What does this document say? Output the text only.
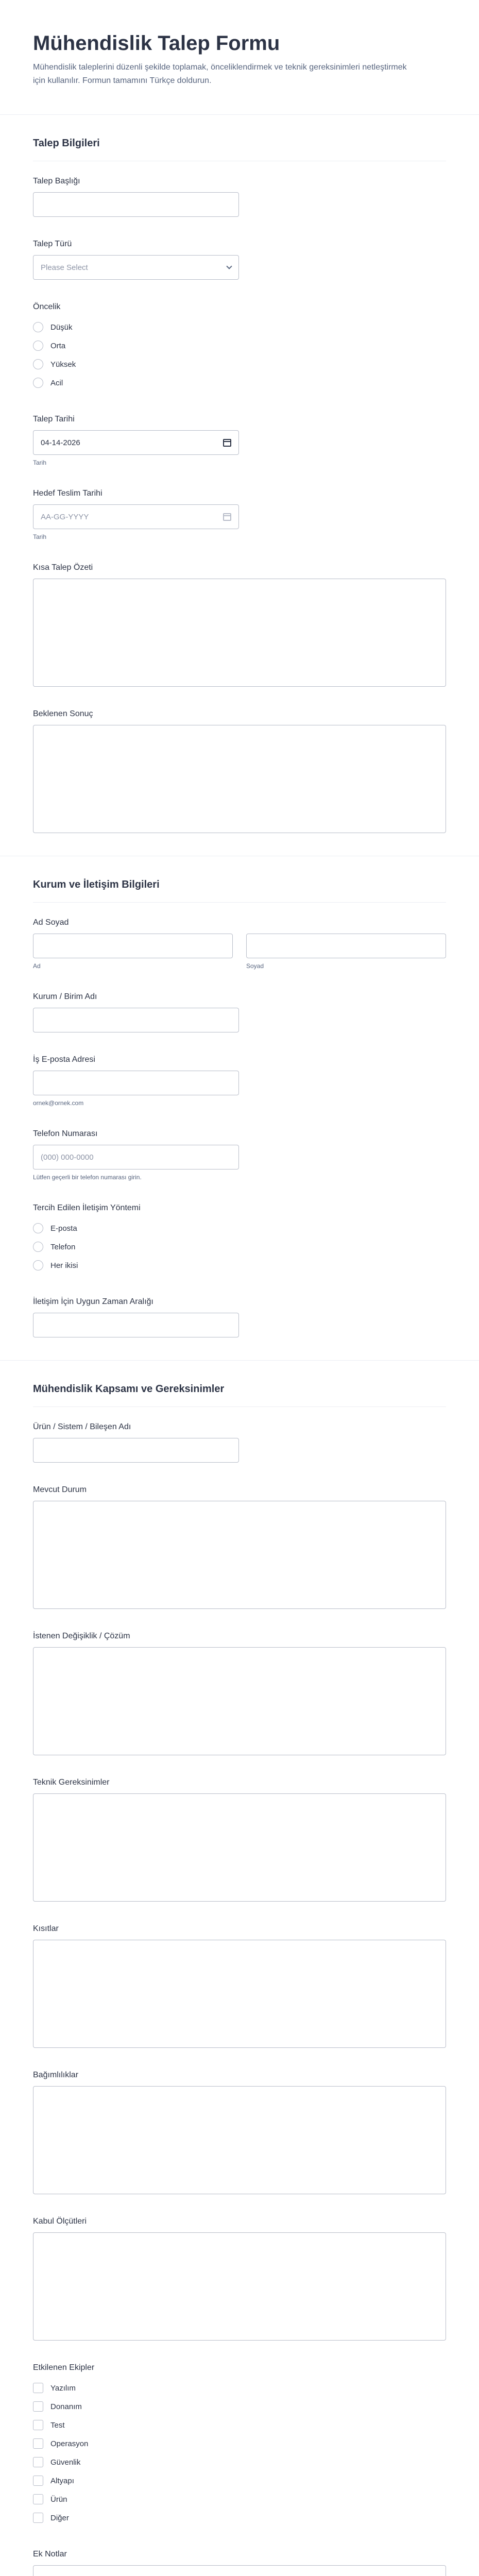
Mühendislik Talep Formu

Mühendislik taleplerini düzenli şekilde toplamak, önceliklendirmek ve teknik gereksinimleri netleştirmek için kullanılır. Formun tamamını Türkçe doldurun.

Talep Bilgileri
Talep Başlığı
Talep Türü
Please Select
Öncelik
Düşük
Orta
Yüksek
Acil
Talep Tarihi
04-14-2026
Tarih
Hedef Teslim Tarihi
AA-GG-YYYY
Tarih
Kısa Talep Özeti
Beklenen Sonuç
Kurum ve İletişim Bilgileri
Ad Soyad
Ad	Soyad
Kurum / Birim Adı
İş E-posta Adresi
ornek@ornek.com
Telefon Numarası
(000) 000-0000
Lütfen geçerli bir telefon numarası girin.
Tercih Edilen İletişim Yöntemi
E-posta
Telefon
Her ikisi
İletişim İçin Uygun Zaman Aralığı
Mühendislik Kapsamı ve Gereksinimler
Ürün / Sistem / Bileşen Adı
Mevcut Durum
İstenen Değişiklik / Çözüm
Teknik Gereksinimler
Kısıtlar
Bağımlılıklar
Kabul Ölçütleri
Etkilenen Ekipler
Yazılım
Donanım
Test
Operasyon
Güvenlik
Altyapı
Ürün
Diğer
Ek Notlar
